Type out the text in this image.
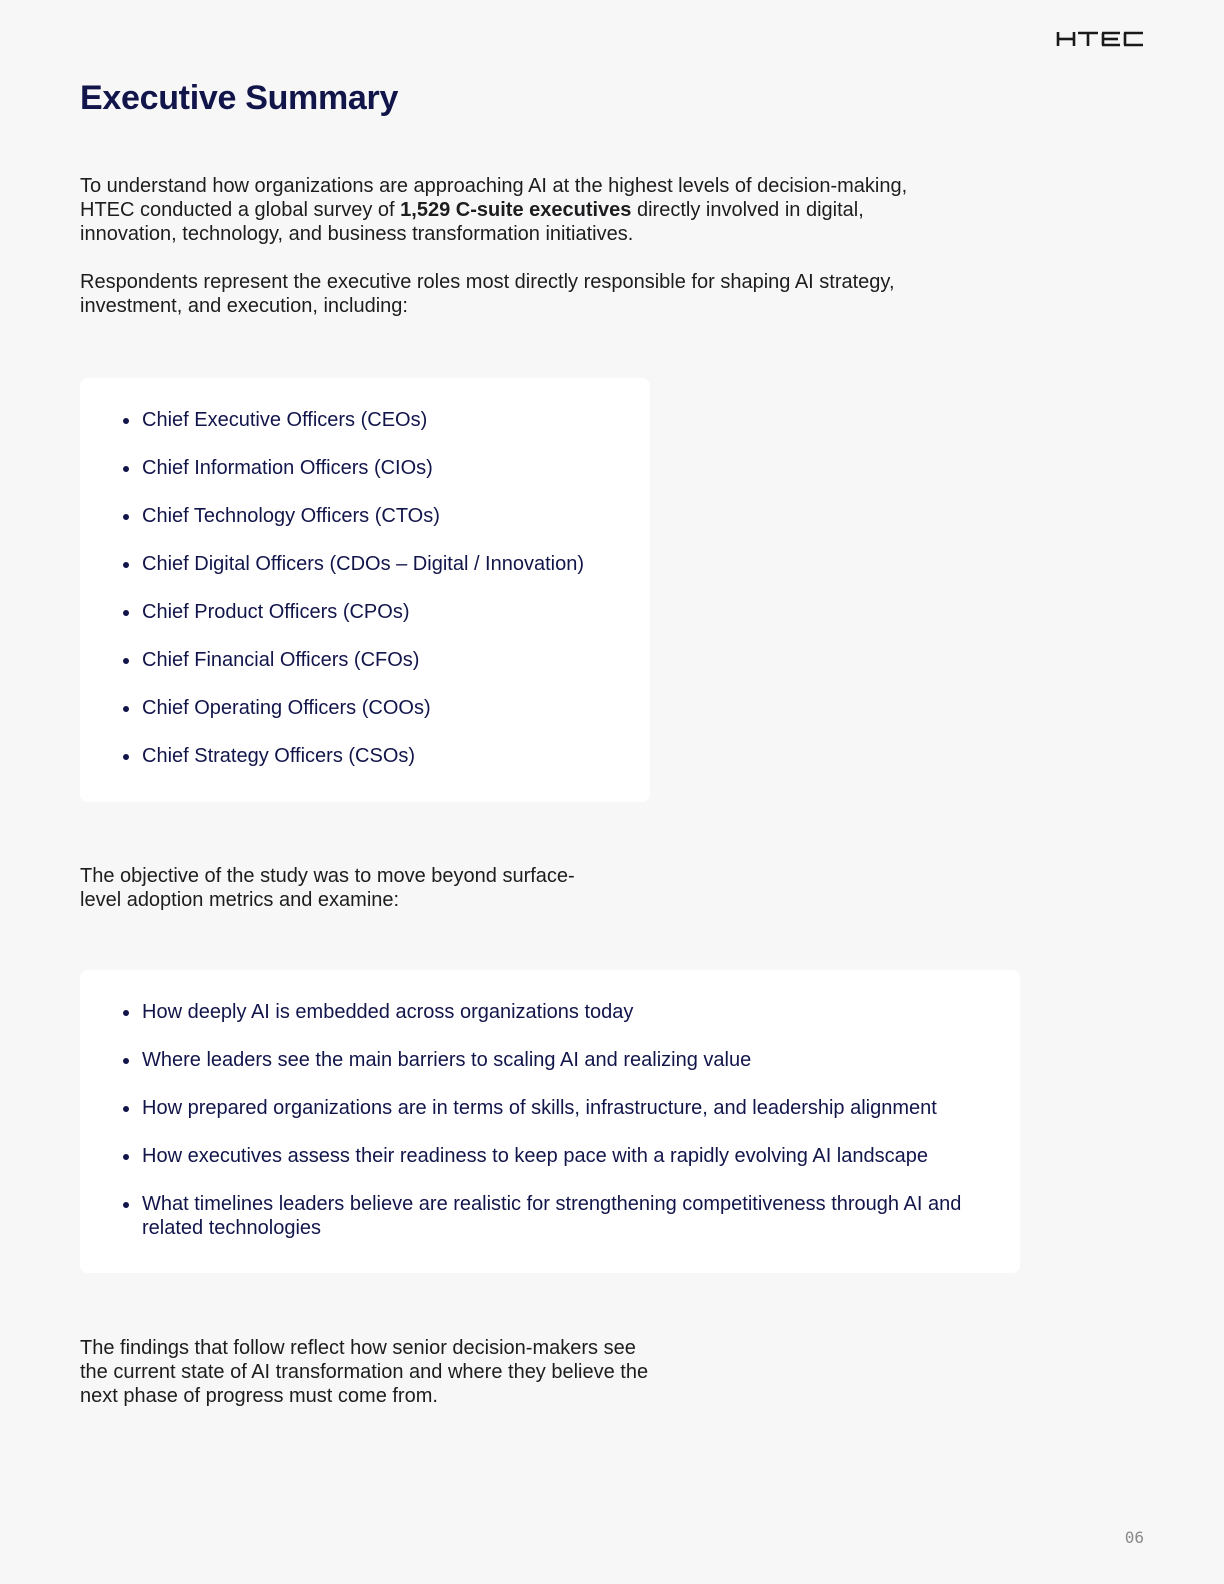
Executive Summary

To understand how organizations are approaching AI at the highest levels of decision-making, HTEC conducted a global survey of 1,529 C-suite executives directly involved in digital, innovation, technology, and business transformation initiatives.

Respondents represent the executive roles most directly responsible for shaping AI strategy, investment, and execution, including:

Chief Executive Officers (CEOs)
Chief Information Officers (CIOs)
Chief Technology Officers (CTOs)
Chief Digital Officers (CDOs – Digital / Innovation)
Chief Product Officers (CPOs)
Chief Financial Officers (CFOs)
Chief Operating Officers (COOs)
Chief Strategy Officers (CSOs)

The objective of the study was to move beyond surface-level adoption metrics and examine:

How deeply AI is embedded across organizations today
Where leaders see the main barriers to scaling AI and realizing value
How prepared organizations are in terms of skills, infrastructure, and leadership alignment
How executives assess their readiness to keep pace with a rapidly evolving AI landscape
What timelines leaders believe are realistic for strengthening competitiveness through AI and related technologies

The findings that follow reflect how senior decision-makers see the current state of AI transformation and where they believe the next phase of progress must come from.

06
